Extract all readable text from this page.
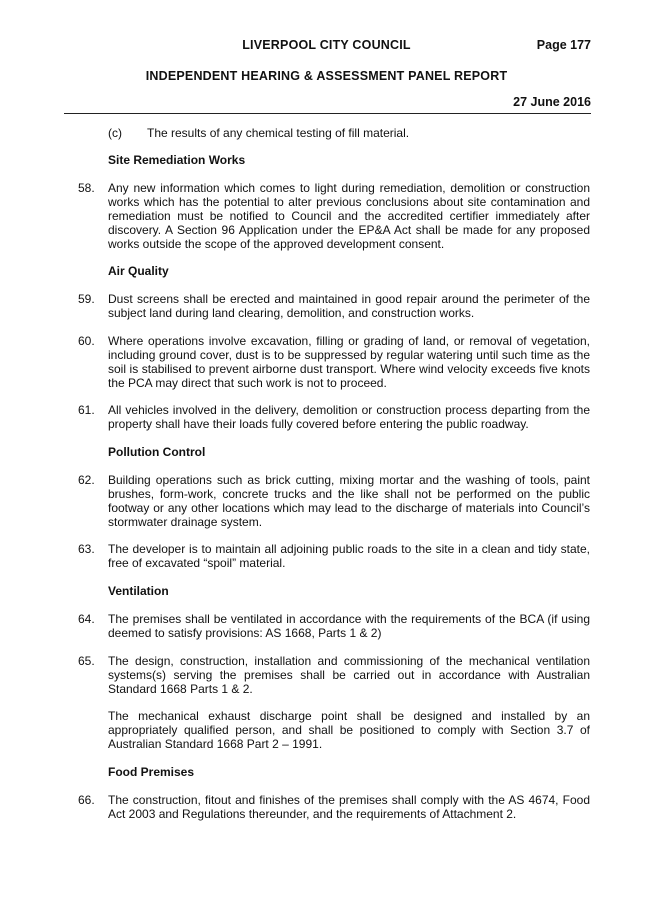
LIVERPOOL CITY COUNCIL	Page 177
INDEPENDENT HEARING & ASSESSMENT PANEL REPORT
27 June 2016
(c) The results of any chemical testing of fill material.
Site Remediation Works
58. Any new information which comes to light during remediation, demolition or construction works which has the potential to alter previous conclusions about site contamination and remediation must be notified to Council and the accredited certifier immediately after discovery. A Section 96 Application under the EP&A Act shall be made for any proposed works outside the scope of the approved development consent.
Air Quality
59. Dust screens shall be erected and maintained in good repair around the perimeter of the subject land during land clearing, demolition, and construction works.
60. Where operations involve excavation, filling or grading of land, or removal of vegetation, including ground cover, dust is to be suppressed by regular watering until such time as the soil is stabilised to prevent airborne dust transport. Where wind velocity exceeds five knots the PCA may direct that such work is not to proceed.
61. All vehicles involved in the delivery, demolition or construction process departing from the property shall have their loads fully covered before entering the public roadway.
Pollution Control
62. Building operations such as brick cutting, mixing mortar and the washing of tools, paint brushes, form-work, concrete trucks and the like shall not be performed on the public footway or any other locations which may lead to the discharge of materials into Council’s stormwater drainage system.
63. The developer is to maintain all adjoining public roads to the site in a clean and tidy state, free of excavated “spoil” material.
Ventilation
64. The premises shall be ventilated in accordance with the requirements of the BCA (if using deemed to satisfy provisions: AS 1668, Parts 1 & 2)
65. The design, construction, installation and commissioning of the mechanical ventilation systems(s) serving the premises shall be carried out in accordance with Australian Standard 1668 Parts 1 & 2.
The mechanical exhaust discharge point shall be designed and installed by an appropriately qualified person, and shall be positioned to comply with Section 3.7 of Australian Standard 1668 Part 2 – 1991.
Food Premises
66. The construction, fitout and finishes of the premises shall comply with the AS 4674, Food Act 2003 and Regulations thereunder, and the requirements of Attachment 2.
